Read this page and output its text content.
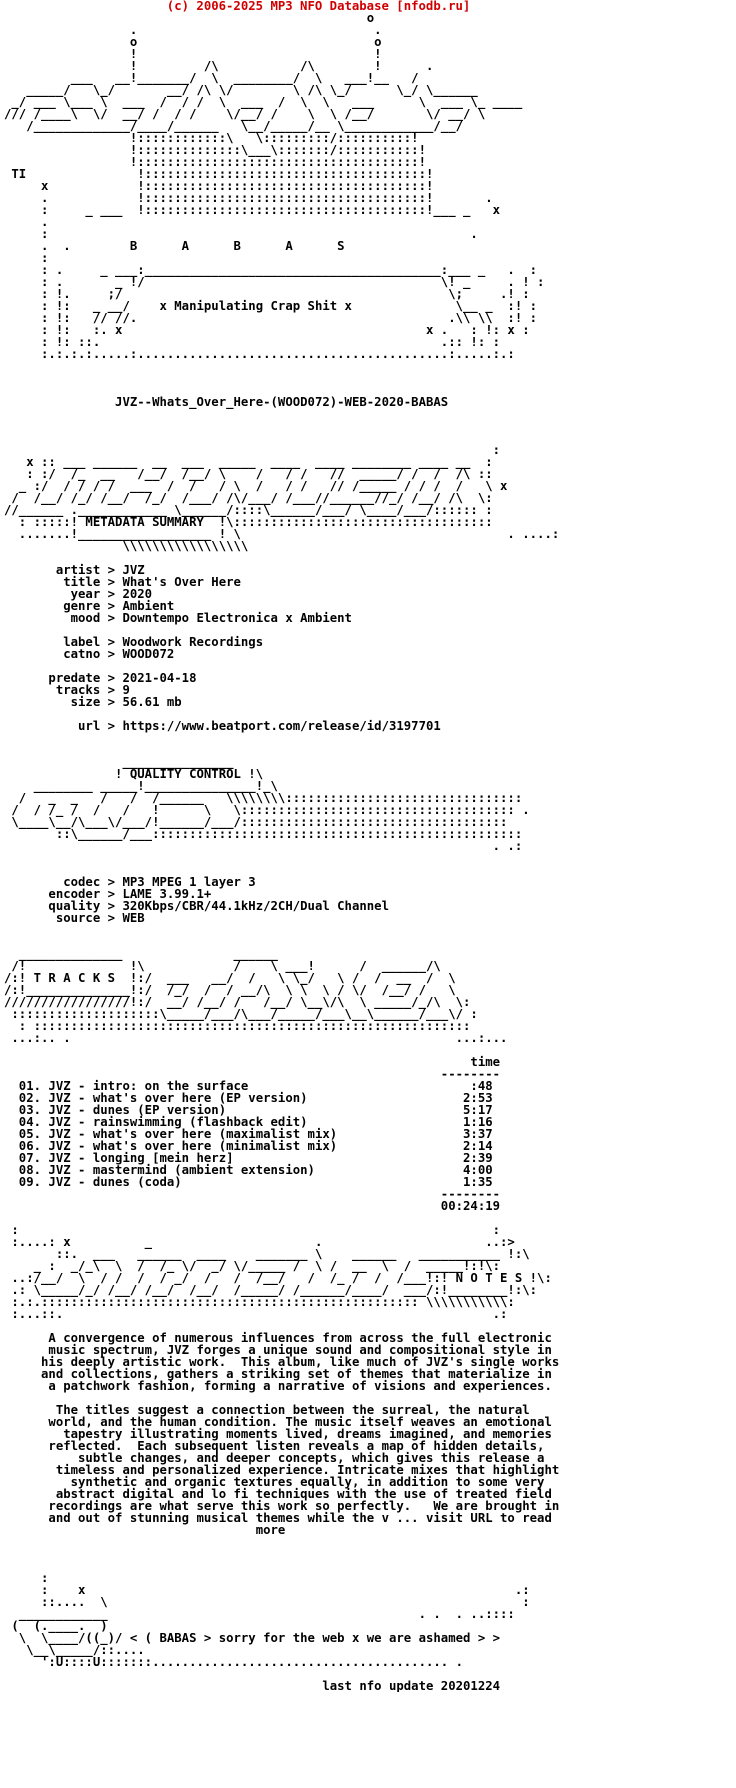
(c) 2006-2025 MP3 NFO Database [nfodb.ru]
o
.                                .
o                                o
!                                !
!         /\           /\        !      .
___   __!_______/  \  ________/  \   ___!__   /
_____/   \_/       __/ /\ \/        \ /\ \_/      \_/ \______
_/ ___ \___ \  ___  /  / /  \  ___  /  \  \   ___      \  ___ \_ ____
/// /____\  \/  __/ /  / /    \/__/ /    \  \ /__/       \/ __/ \
/_____________/____/______   \__/_____/__ \____________/__/
!::::::::::::\   \:::::::::/::::::::::!
!::::::::::::::\___\:::::::/:::::::::::!
!::::::::::::::::::::::::::::::::::::::!
TI               !::::::::::::::::::::::::::::::::::::::!
x            !::::::::::::::::::::::::::::::::::::::!
.            !::::::::::::::::::::::::::::::::::::::!       .
:     _ ___  !::::::::::::::::::::::::::::::::::::::!___ _   x
.
:                                                         .
.  .        B      A      B      A      S
:
: .     _ ___:________________________________________:___ _   .  :
: .       _ !/                                        \! _     . ! :
: !.     ;/                                            \;     .! :
: !:   _ __/    x Manipulating Crap Shit x              \__ _  :! :
: !:   // //.                                          .\\ \\  :! :
: !:   :. x                                         x .   : !: x :
: !: ::.                                              .:: !: :
:.:.:.:.....:..........................................:.....:.:

JVZ--Whats_Over_Here-(WOOD072)-WEB-2020-BABAS

:
x :: ___ ______  __  ___  _____  ____  ____ ________ ____ __  :
: :/  /_  __   /__/  /__/ \    /   / /   //  _____/ /  /  /\ ::
_ :/  / / / /  ___  /  /   / \  /   / /   // /_____ / / /  /   \ x
/  /__/ /_/ /__/  /_/  /___/ /\/___/ /___//______//_/ /__/ /\  \:
//______ .____________ \______/::::\______/___/ \____/___/:::::: :
: :::::! METADATA SUMMARY  !\:::::::::::::::::::::::::::::::::::
.......!__________________ ! \                                    . ....:
\\\\\\\\\\\\\\\\\

artist > JVZ
title > What's Over Here
year > 2020
genre > Ambient
mood > Downtempo Electronica x Ambient

label > Woodwork Recordings
catno > WOOD072

predate > 2021-04-18
tracks > 9
size > 56.61 mb

url > https://www.beatport.com/release/id/3197701

_______________
! QUALITY CONTROL !\
________ _____!_______________!_\
/   _  _   /   /  /______   \\\\\\\\::::::::::::::::::::::::::::::::
/  / /_ /  /   /   !      \   \::::::::::::::::::::::::::::::::::::: .
\____\__/\___\/___/!______/___/::::::::::::::::::::::::::::::::::::
::\______/___::::::::::::::::::::::::::::::::::::::::::::::::::
. .:

codec > MP3 MPEG 1 layer 3
encoder > LAME 3.99.1+
quality > 320Kbps/CBR/44.1kHz/2CH/Dual Channel
source > WEB

______________               ______
/!              !\            /    \ ___!      /  ______/\
/:! T R A C K S  !:/  ___   __/  /   \ \_/   \ /  /  __  /  \
/:!______________!:/  /_/  /  / __/\  \ \  \ / \/  /__/ /   \
/////////////////!:/  __/ /__/ /   /__/ \__\/\  \ _____/_/\  \:
::::::::::::::::::::\_____/___/\___/_____/___\__\______/___\/ :
: :::::::::::::::::::::::::::::::::::::::::::::::::::::::::::
...:.. .                                                    ...:...

time
--------
01. JVZ - intro: on the surface                              :48
02. JVZ - what's over here (EP version)                     2:53
03. JVZ - dunes (EP version)                                5:17
04. JVZ - rainswimming (flashback edit)                     1:16
05. JVZ - what's over here (maximalist mix)                 3:37
06. JVZ - what's over here (minimalist mix)                 2:14
07. JVZ - longing [mein herz]                               2:39
08. JVZ - mastermind (ambient extension)                    4:00
09. JVZ - dunes (coda)                                      1:35
--------
00:24:19

:                                                                :
:....: x          _                      .                      ..:>
::.  ___   ______  ____    _______ \    ______   ___________ !:\
_ :  _/_\  \  /  /_ \/  _/ \/_____ /  \ /  __  \  /  _____!:!\:
..:/__/  \  / /  /  / _/  /   /  /__/   /  /_ /  /  /___!:! N O T E S !\:
.: \_____/_/ /__/ /__/  /__/  /_____/ /______/____/  ___/:!________!:\:
:.:.::::::::::::::::::::::::::::::::::::::::::::::::::: \\\\\\\\\\\:
:...::.                                                          .:

A convergence of numerous influences from across the full electronic
music spectrum, JVZ forges a unique sound and compositional style in
his deeply artistic work.  This album, like much of JVZ's single works
and collections, gathers a striking set of themes that materialize in
a patchwork fashion, forming a narrative of visions and experiences.

The titles suggest a connection between the surreal, the natural
world, and the human condition. The music itself weaves an emotional
tapestry illustrating moments lived, dreams imagined, and memories
reflected.  Each subsequent listen reveals a map of hidden details,
subtle changes, and deeper concepts, which gives this release a
timeless and personalized experience. Intricate mixes that highlight
synthetic and organic textures equally, in addition to some very
abstract digital and lo fi techniques with the use of treated field
recordings are what serve this work so perfectly.   We are brought in
and out of stunning musical themes while the v ... visit URL to read
more

:
:    x                                                          .:
::....  \                                                        :
____________                                          . .  . ..::::
(  (.____.  )
\  \____/((_)/ < ( BABAS > sorry for the web x we are ashamed > >
\__\_____/::....
':U::::U:::::::........................................ .

last nfo update 20201224
